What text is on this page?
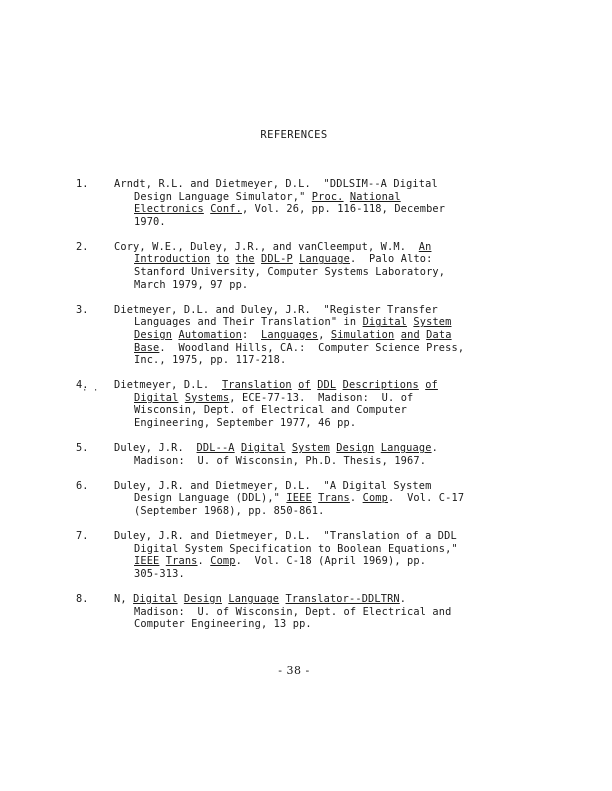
REFERENCES
1.	Arndt, R.L. and Dietmeyer, D.L.  "DDLSIM--A Digital
Design Language Simulator," Proc. National
Electronics Conf., Vol. 26, pp. 116-118, December
1970.
2.	Cory, W.E., Duley, J.R., and vanCleemput, W.M.  An
Introduction to the DDL-P Language.  Palo Alto:
Stanford University, Computer Systems Laboratory,
March 1979, 97 pp.
3.	Dietmeyer, D.L. and Duley, J.R.  "Register Transfer
Languages and Their Translation" in Digital System
Design Automation:  Languages, Simulation and Data
Base.  Woodland Hills, CA.:  Computer Science Press,
Inc., 1975, pp. 117-218.
4.	Dietmeyer, D.L.  Translation of DDL Descriptions of
Digital Systems, ECE-77-13.  Madison:  U. of
Wisconsin, Dept. of Electrical and Computer
Engineering, September 1977, 46 pp.
5.	Duley, J.R.  DDL--A Digital System Design Language.
Madison:  U. of Wisconsin, Ph.D. Thesis, 1967.
6.	Duley, J.R. and Dietmeyer, D.L.  "A Digital System
Design Language (DDL)," IEEE Trans. Comp.  Vol. C-17
(September 1968), pp. 850-861.
7.	Duley, J.R. and Dietmeyer, D.L.  "Translation of a DDL
Digital System Specification to Boolean Equations,"
IEEE Trans. Comp.  Vol. C-18 (April 1969), pp.
305-313.
8.	N, Digital Design Language Translator--DDLTRN.
Madison:  U. of Wisconsin, Dept. of Electrical and
Computer Engineering, 13 pp.
· ·
- 38 -
